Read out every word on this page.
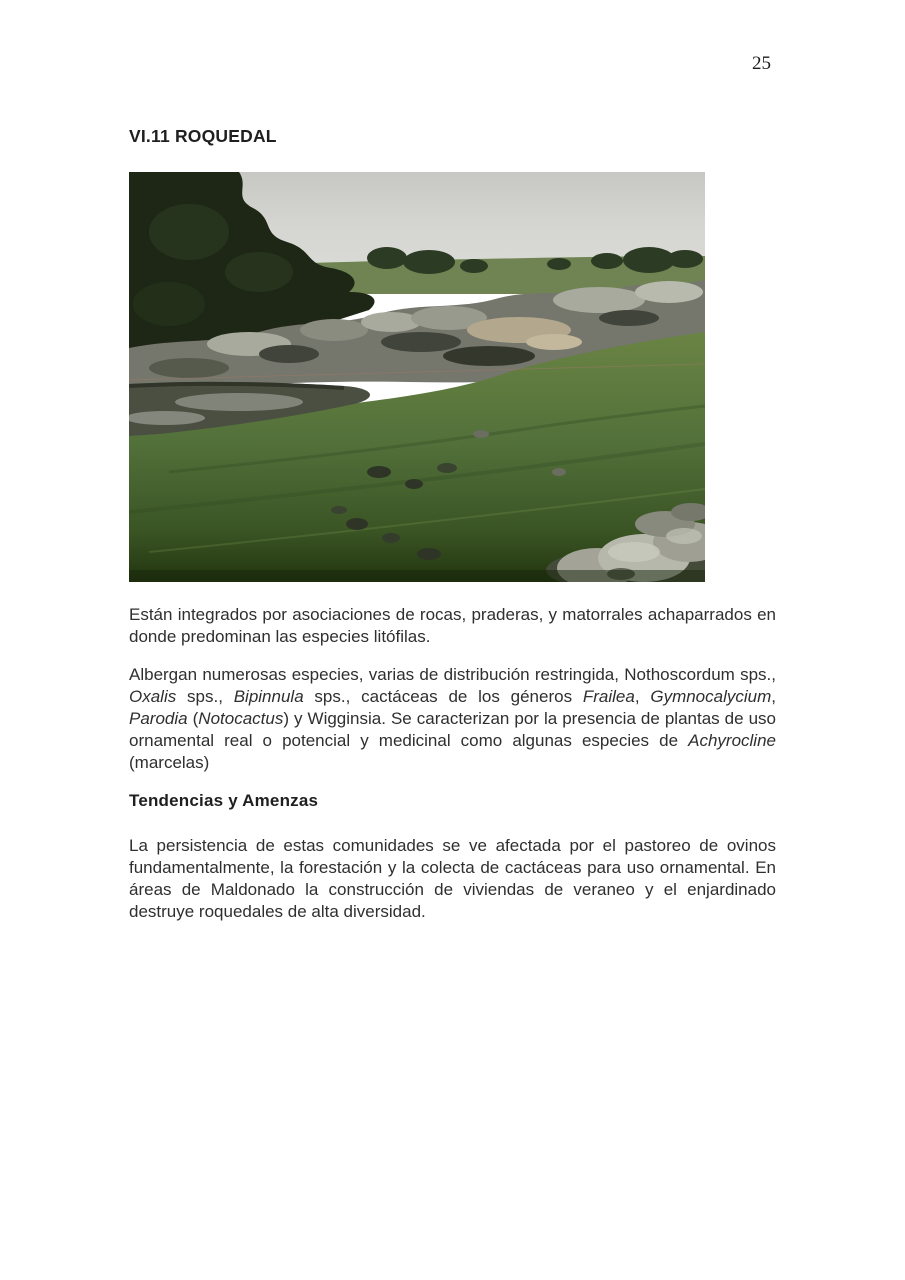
25
VI.11 ROQUEDAL

Están integrados por asociaciones de rocas, praderas, y matorrales achaparrados en donde predominan las especies litófilas.

Albergan numerosas especies, varias de distribución restringida, Nothoscordum sps., Oxalis sps., Bipinnula sps., cactáceas de los géneros Frailea, Gymnocalycium, Parodia (Notocactus) y Wigginsia. Se caracterizan por la presencia de plantas de uso ornamental real o potencial y medicinal como algunas especies de Achyrocline (marcelas)

Tendencias y Amenzas

La persistencia de estas comunidades se ve afectada por el pastoreo de ovinos fundamentalmente, la forestación y la colecta de cactáceas para uso ornamental. En áreas de Maldonado la construcción de viviendas de veraneo y el enjardinado destruye roquedales de alta diversidad.
